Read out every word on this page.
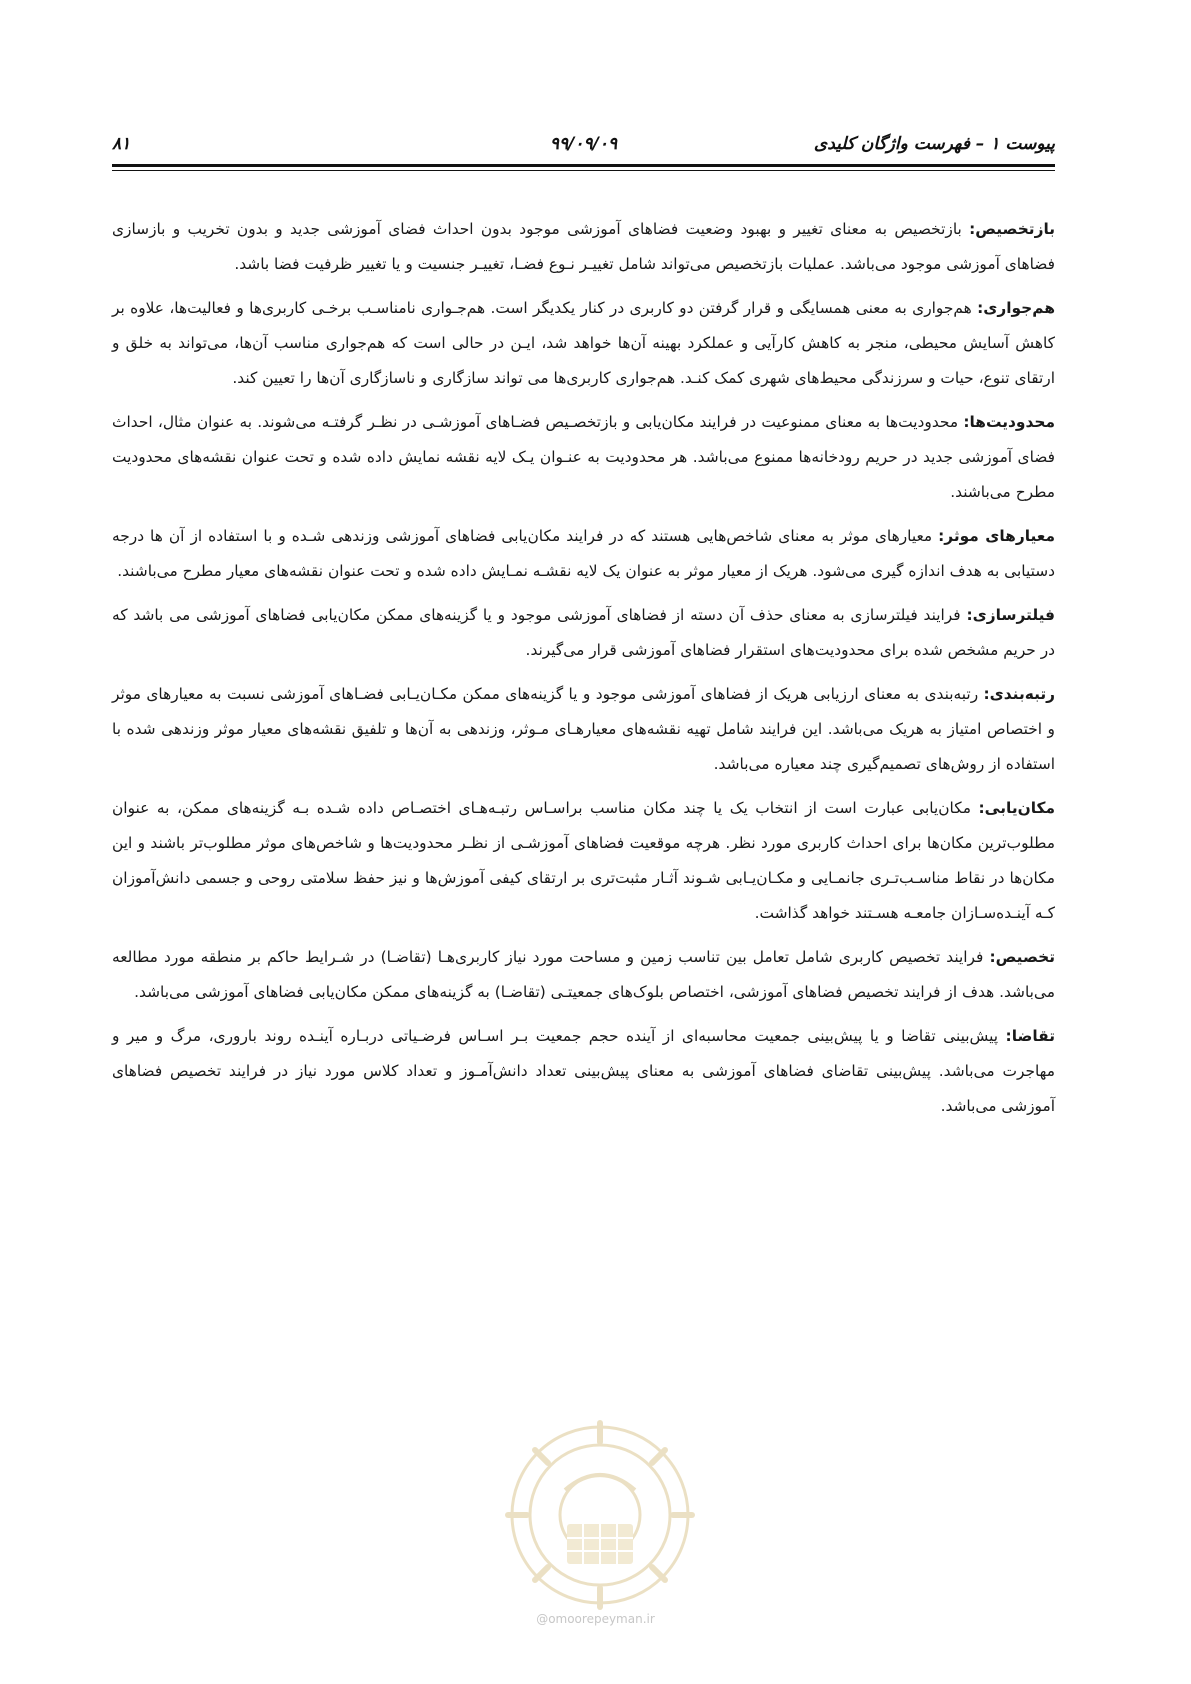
پیوست ۱ – فهرست واژگان کلیدی
۹۹/۰۹/۰۹
۸۱

بازتخصیص: بازتخصیص به معنای تغییر و بهبود وضعیت فضاهای آموزشی موجود بدون احداث فضای آموزشی جدید و بدون تخریب و بازسازی فضاهای آموزشی موجود می‌باشد. عملیات بازتخصیص می‌تواند شامل تغییـر نـوع فضـا، تغییـر جنسیت و یا تغییر ظرفیت فضا باشد.

هم‌جواری: هم‌جواری به معنی همسایگی و قرار گرفتن دو کاربری در کنار یکدیگر است. هم‌جـواری نامناسـب برخـی کاربری‌ها و فعالیت‌ها، علاوه بر کاهش آسایش محیطی، منجر به کاهش کارآیی و عملکرد بهینه آن‌ها خواهد شد، ایـن در حالی است که هم‌جواری مناسب آن‌ها، می‌تواند به خلق و ارتقای تنوع، حیات و سرزندگی محیط‌های شهری کمک کنـد. هم‌جواری کاربری‌ها می تواند سازگاری و ناسازگاری آن‌ها را تعیین کند.

محدودیت‌ها: محدودیت‌ها به معنای ممنوعیت در فرایند مکان‌یابی و بازتخصـیص فضـاهای آموزشـی در نظـر گرفتـه می‌شوند. به عنوان مثال، احداث فضای آموزشی جدید در حریم رودخانه‌ها ممنوع می‌باشد. هر محدودیت به عنـوان یـک لایه نقشه نمایش داده شده و تحت عنوان نقشه‌های محدودیت مطرح می‌باشند.

معیارهای موثر: معیارهای موثر به معنای شاخص‌هایی هستند که در فرایند مکان‌یابی فضاهای آموزشی وزندهی شـده و با استفاده از آن ها درجه دستیابی به هدف اندازه گیری می‌شود. هریک از معیار موثر به عنوان یک لایه نقشـه نمـایش داده شده و تحت عنوان نقشه‌های معیار مطرح می‌باشند.

فیلترسازی: فرایند فیلترسازی به معنای حذف آن دسته از فضاهای آموزشی موجود و یا گزینه‌های ممکن مکان‌یابی فضاهای آموزشی می باشد که در حریم مشخص شده برای محدودیت‌های استقرار فضاهای آموزشی قرار می‌گیرند.

رتبه‌بندی: رتبه‌بندی به معنای ارزیابی هریک از فضاهای آموزشی موجود و یا گزینه‌های ممکن مکـان‌یـابی فضـاهای آموزشی نسبت به معیارهای موثر و اختصاص امتیاز به هریک می‌باشد. این فرایند شامل تهیه نقشه‌های معیارهـای مـوثر، وزندهی به آن‌ها و تلفیق نقشه‌های معیار موثر وزندهی شده با استفاده از روش‌های تصمیم‌گیری چند معیاره می‌باشد.

مکان‌یابی: مکان‌یابی عبارت است از انتخاب یک یا چند مکان مناسب براسـاس رتبـه‌هـای اختصـاص داده شـده بـه گزینه‌های ممکن، به عنوان مطلوب‌ترین مکان‌ها برای احداث کاربری مورد نظر. هرچه موقعیت فضاهای آموزشـی از نظـر محدودیت‌ها و شاخص‌های موثر مطلوب‌تر باشند و این مکان‌ها در نقاط مناسـب‌تـری جانمـایی و مکـان‌یـابی شـوند آثـار مثبت‌تری بر ارتقای کیفی آموزش‌ها و نیز حفظ سلامتی روحی و جسمی دانش‌آموزان کـه آینـده‌سـازان جامعـه هسـتند خواهد گذاشت.

تخصیص: فرایند تخصیص کاربری شامل تعامل بین تناسب زمین و مساحت مورد نیاز کاربری‌هـا (تقاضـا) در شـرایط حاکم بر منطقه مورد مطالعه می‌باشد. هدف از فرایند تخصیص فضاهای آموزشی، اختصاص بلوک‌های جمعیتـی (تقاضـا) به گزینه‌های ممکن مکان‌یابی فضاهای آموزشی می‌باشد.

تقاضا: پیش‌بینی تقاضا و یا پیش‌بینی جمعیت محاسبه‌ای از آینده حجم جمعیت بـر اسـاس فرضـیاتی دربـاره آینـده روند باروری، مرگ و میر و مهاجرت می‌باشد. پیش‌بینی تقاضای فضاهای آموزشی به معنای پیش‌بینی تعداد دانش‌آمـوز و تعداد کلاس مورد نیاز در فرایند تخصیص فضاهای آموزشی می‌باشد.

@omoorepeyman.ir
